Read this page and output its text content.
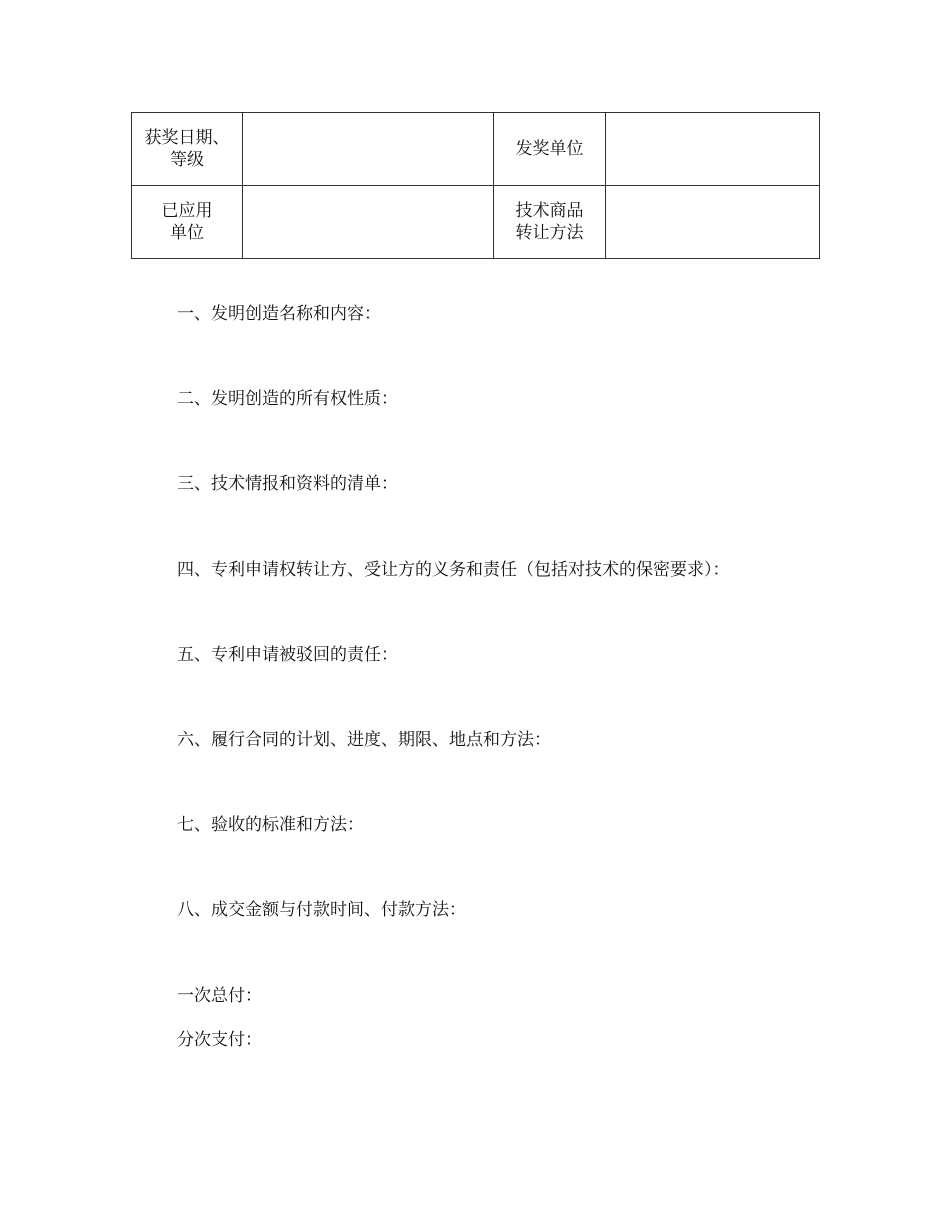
获奖日期、等级		发奖单位	
已应用单位		技术商品转让方法	
一、发明创造名称和内容：
二、发明创造的所有权性质：
三、技术情报和资料的清单：
四、专利申请权转让方、受让方的义务和责任（包括对技术的保密要求）：
五、专利申请被驳回的责任：
六、履行合同的计划、进度、期限、地点和方法：
七、验收的标准和方法：
八、成交金额与付款时间、付款方法：
一次总付：
分次支付：
